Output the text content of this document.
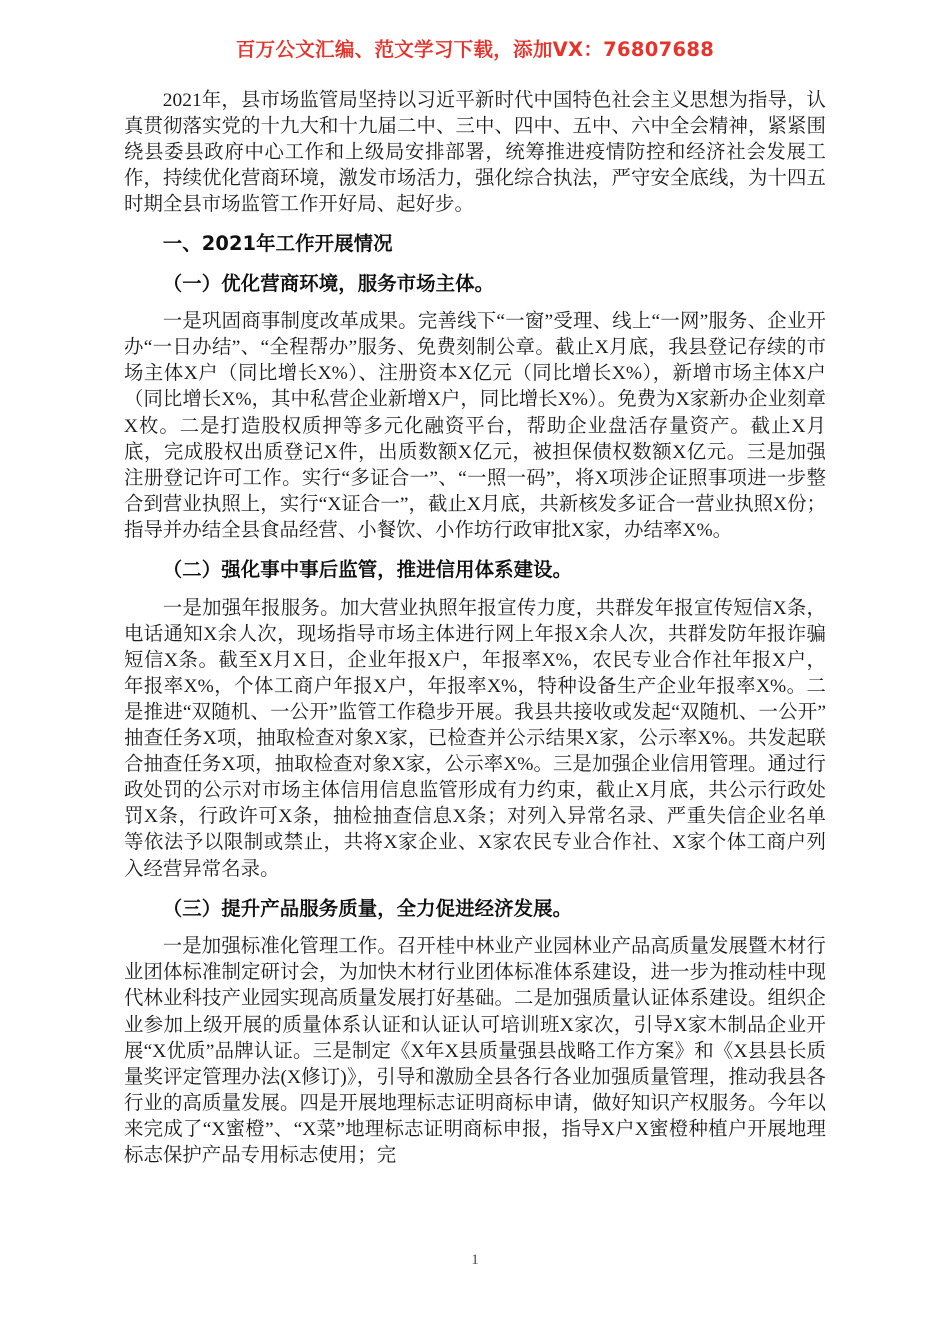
百万公文汇编、范文学习下载，添加VX：76807688

2021年，县市场监管局坚持以习近平新时代中国特色社会主义思想为指导，认真贯彻落实党的十九大和十九届二中、三中、四中、五中、六中全会精神，紧紧围绕县委县政府中心工作和上级局安排部署，统筹推进疫情防控和经济社会发展工作，持续优化营商环境，激发市场活力，强化综合执法，严守安全底线，为十四五时期全县市场监管工作开好局、起好步。

一、2021年工作开展情况
（一）优化营商环境，服务市场主体。

一是巩固商事制度改革成果。完善线下“一窗”受理、线上“一网”服务、企业开办“一日办结”、“全程帮办”服务、免费刻制公章。截止X月底，我县登记存续的市场主体X户（同比增长X%）、注册资本X亿元（同比增长X%），新增市场主体X户（同比增长X%，其中私营企业新增X户，同比增长X%）。免费为X家新办企业刻章X枚。二是打造股权质押等多元化融资平台，帮助企业盘活存量资产。截止X月底，完成股权出质登记X件，出质数额X亿元，被担保债权数额X亿元。三是加强注册登记许可工作。实行“多证合一”、“一照一码”，将X项涉企证照事项进一步整合到营业执照上，实行“X证合一”，截止X月底，共新核发多证合一营业执照X份；指导并办结全县食品经营、小餐饮、小作坊行政审批X家，办结率X%。

（二）强化事中事后监管，推进信用体系建设。

一是加强年报服务。加大营业执照年报宣传力度，共群发年报宣传短信X条，电话通知X余人次，现场指导市场主体进行网上年报X余人次，共群发防年报诈骗短信X条。截至X月X日，企业年报X户，年报率X%，农民专业合作社年报X户，年报率X%，个体工商户年报X户，年报率X%，特种设备生产企业年报率X%。二是推进“双随机、一公开”监管工作稳步开展。我县共接收或发起“双随机、一公开”抽查任务X项，抽取检查对象X家，已检查并公示结果X家，公示率X%。共发起联合抽查任务X项，抽取检查对象X家，公示率X%。三是加强企业信用管理。通过行政处罚的公示对市场主体信用信息监管形成有力约束，截止X月底，共公示行政处罚X条，行政许可X条，抽检抽查信息X条；对列入异常名录、严重失信企业名单等依法予以限制或禁止，共将X家企业、X家农民专业合作社、X家个体工商户列入经营异常名录。

（三）提升产品服务质量，全力促进经济发展。

一是加强标准化管理工作。召开桂中林业产业园林业产品高质量发展暨木材行业团体标准制定研讨会，为加快木材行业团体标准体系建设，进一步为推动桂中现代林业科技产业园实现高质量发展打好基础。二是加强质量认证体系建设。组织企业参加上级开展的质量体系认证和认证认可培训班X家次，引导X家木制品企业开展“X优质”品牌认证。三是制定《X年X县质量强县战略工作方案》和《X县县长质量奖评定管理办法(X修订)》，引导和激励全县各行各业加强质量管理，推动我县各行业的高质量发展。四是开展地理标志证明商标申请，做好知识产权服务。今年以来完成了“X蜜橙”、“X菜”地理标志证明商标申报，指导X户X蜜橙种植户开展地理标志保护产品专用标志使用；完

1
